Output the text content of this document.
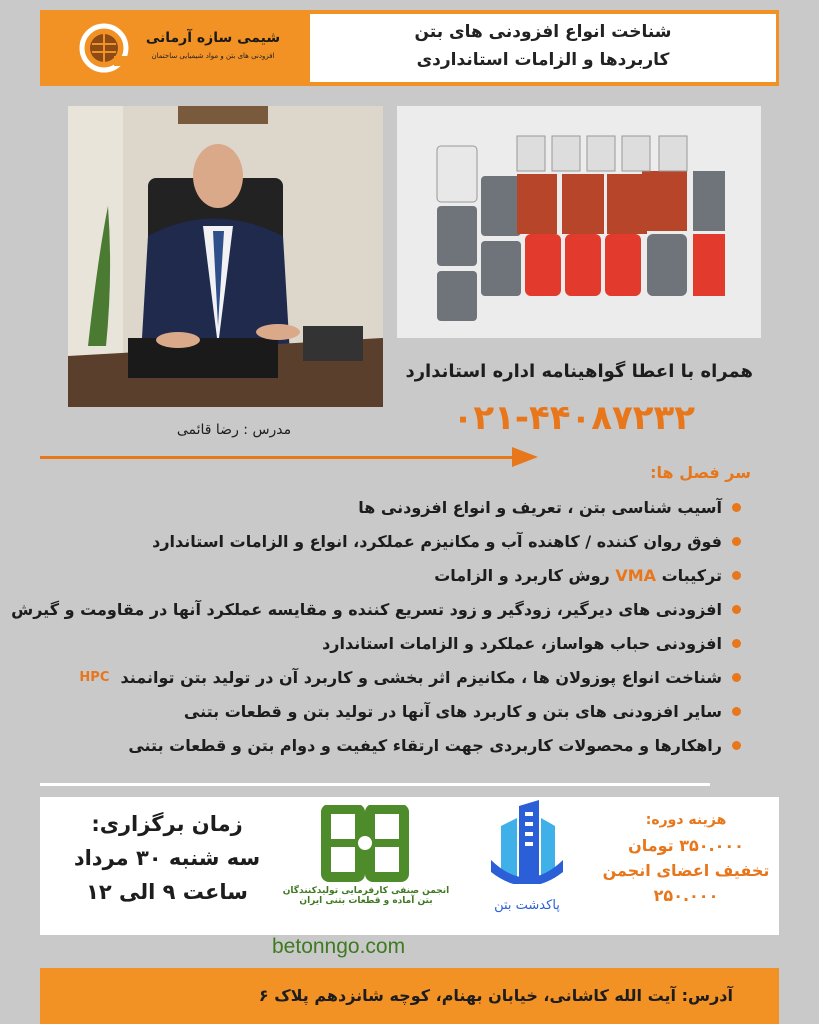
شیمی سازه آرمانی
افزودنی های بتن و مواد شیمیایی ساختمان
شناخت انواع افزودنی های بتن
کاربردها و الزامات استانداردی
همراه با اعطا گواهینامه اداره استاندارد
۰۲۱-۴۴۰۸۷۲۳۲
مدرس : رضا قائمی
سر فصل ها:
آسیب شناسی بتن ، تعریف و انواع افزودنی ها
فوق روان کننده / کاهنده آب و مکانیزم عملکرد، انواع و الزامات استاندارد
ترکیبات

VMA

روش کاربرد و الزامات
افزودنی های دیرگیر، زودگیر و زود تسریع کننده و مقایسه عملکرد آنها در مقاومت و گیرش
افزودنی حباب هواساز، عملکرد و الزامات استاندارد
شناخت انواع پوزولان ها ، مکانیزم اثر بخشی و کاربرد آن در تولید بتن توانمند

HPC
سایر افزودنی های بتن و کاربرد های آنها در تولید بتن و قطعات بتنی
راهکارها و محصولات کاربردی جهت ارتقاء کیفیت و دوام بتن و قطعات بتنی
زمان برگزاری:
سه شنبه ۳۰ مرداد
ساعت ۹ الی ۱۲	انجمن صنفی کارفرمایی تولیدکنندگان
بتن آماده و قطعات بتنی ایران	پاکدشت بتن
هزینه دوره:
۳۵۰.۰۰۰ تومان
تخفیف اعضای انجمن
۲۵۰.۰۰۰
betonngo.com
آدرس: آیت الله کاشانی، خیابان بهنام، کوچه شانزدهم پلاک ۶
